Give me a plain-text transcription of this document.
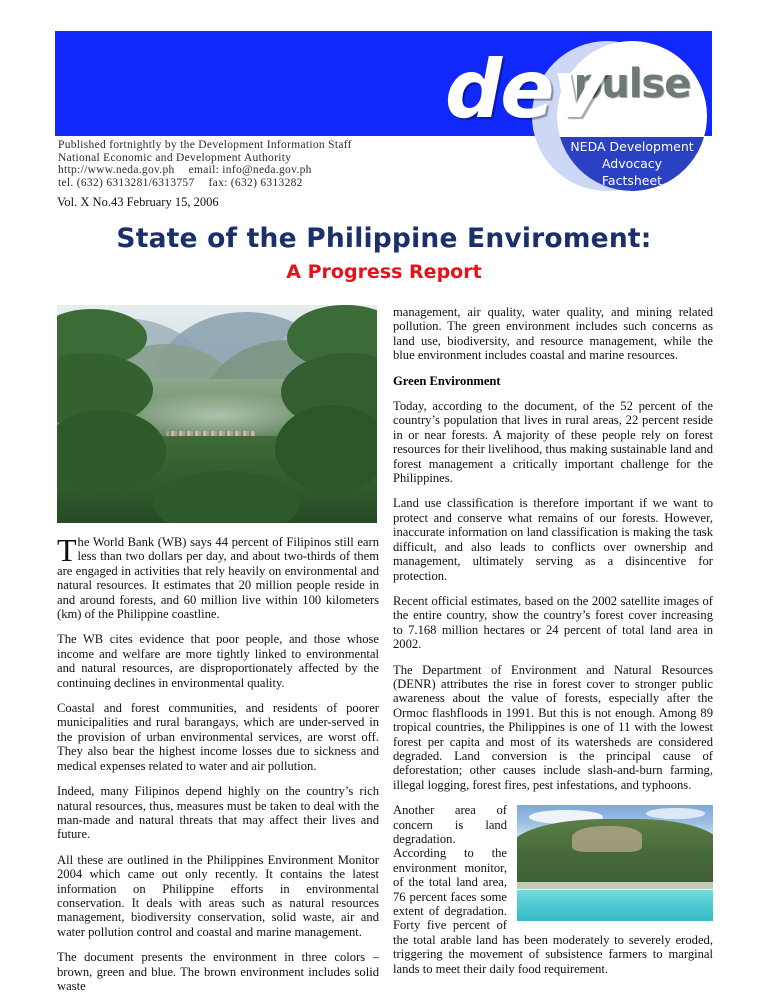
dev
pulse
NEDA Development
Advocacy
Factsheet
Published fortnightly by the Development Information Staff
National Economic and Development Authority
http://www.neda.gov.ph email: info@neda.gov.ph
tel. (632) 6313281/6313757 fax: (632) 6313282
Vol. X No.43 February 15, 2006
State of the Philippine Enviroment:
A Progress Report

The World Bank (WB) says 44 percent of Filipinos still earn less than two dollars per day, and about two-thirds of them are engaged in activities that rely heavily on environmental and natural resources. It estimates that 20 million people reside in and around forests, and 60 million live within 100 kilometers (km) of the Philippine coastline.

The WB cites evidence that poor people, and those whose income and welfare are more tightly linked to environmental and natural resources, are disproportionately affected by the continuing declines in environmental quality.

Coastal and forest communities, and residents of poorer municipalities and rural barangays, which are under-served in the provision of urban environmental services, are worst off. They also bear the highest income losses due to sickness and medical expenses related to water and air pollution.

Indeed, many Filipinos depend highly on the country’s rich natural resources, thus, measures must be taken to deal with the man-made and natural threats that may affect their lives and future.

All these are outlined in the Philippines Environment Monitor 2004 which came out only recently. It contains the latest information on Philippine efforts in environmental conservation. It deals with areas such as natural resources management, biodiversity conservation, solid waste, air and water pollution control and coastal and marine management.

The document presents the environment in three colors – brown, green and blue. The brown environment includes solid waste

management, air quality, water quality, and mining related pollution. The green environment includes such concerns as land use, biodiversity, and resource management, while the blue environment includes coastal and marine resources.

Green Environment

Today, according to the document, of the 52 percent of the country’s population that lives in rural areas, 22 percent reside in or near forests. A majority of these people rely on forest resources for their livelihood, thus making sustainable land and forest management a critically important challenge for the Philippines.

Land use classification is therefore important if we want to protect and conserve what remains of our forests. However, inaccurate information on land classification is making the task difficult, and also leads to conflicts over ownership and management, ultimately serving as a disincentive for protection.

Recent official estimates, based on the 2002 satellite images of the entire country, show the country’s forest cover increasing to 7.168 million hectares or 24 percent of total land area in 2002.

The Department of Environment and Natural Resources (DENR) attributes the rise in forest cover to stronger public awareness about the value of forests, especially after the Ormoc flashfloods in 1991. But this is not enough. Among 89 tropical countries, the Philippines is one of 11 with the lowest forest per capita and most of its watersheds are considered degraded. Land conversion is the principal cause of deforestation; other causes include slash-and-burn farming, illegal logging, forest fires, pest infestations, and typhoons.

Another area of concern is land degradation. According to the environment monitor, of the total land area, 76 percent faces some extent of degradation. Forty five percent of the total arable land has been moderately to severely eroded, triggering the movement of subsistence farmers to marginal lands to meet their daily food requirement.
